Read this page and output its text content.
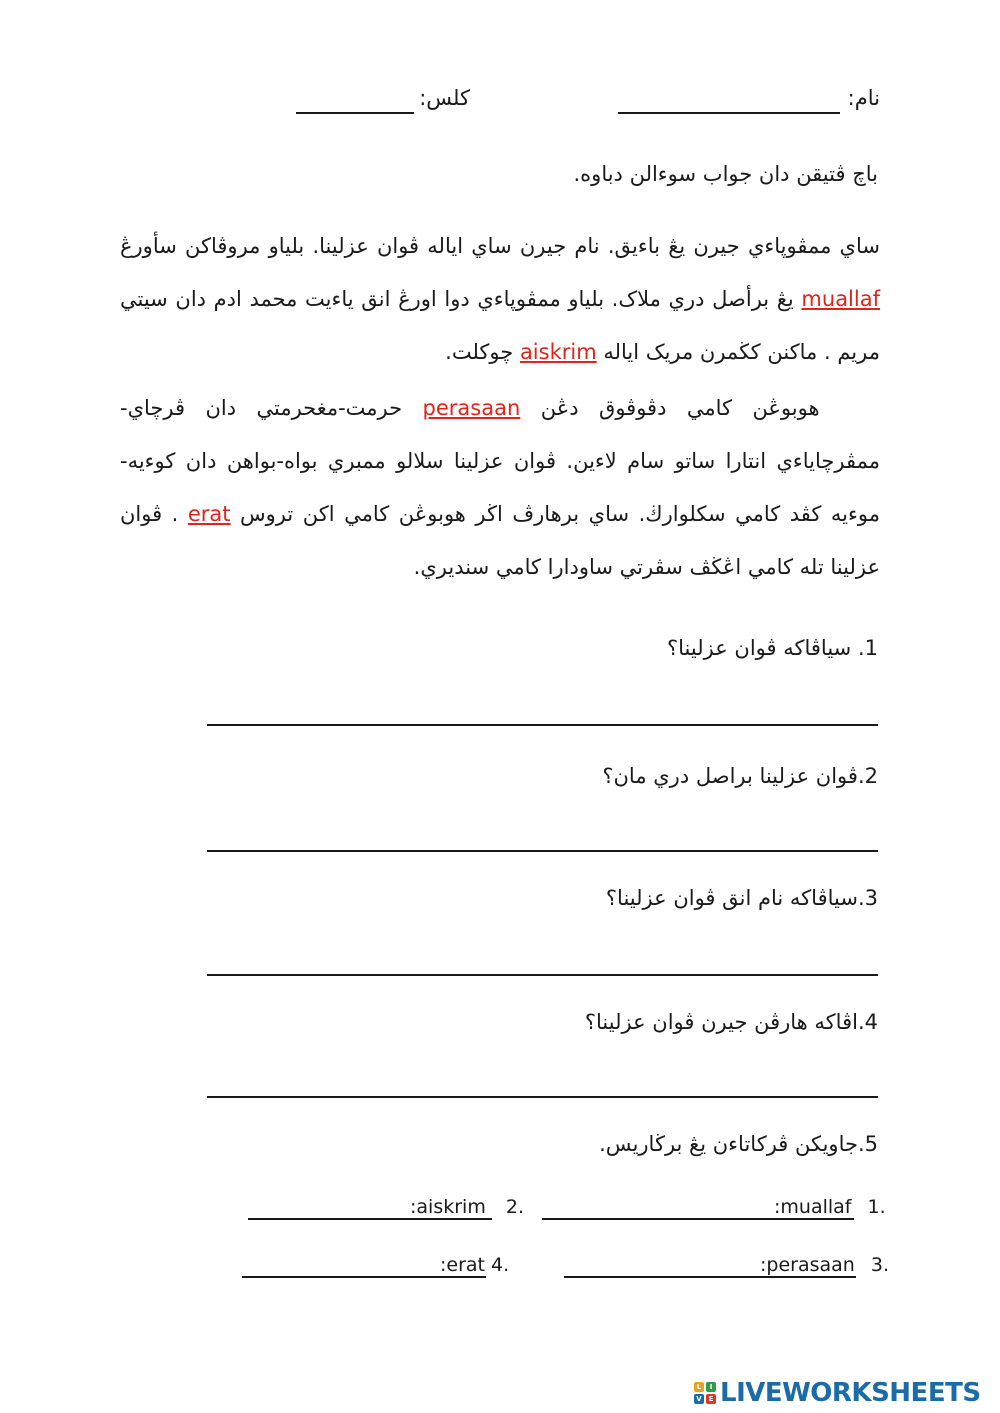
نام:
كلس:
باچ ڤتيقن دان جواب سوءالن دباوه.
ساي ممڤوڽاءي جيرن يڠ باءيق. نام جيرن ساي اياله ڤوان عزلينا. بلياو مروڤاكن سأورڠ muallaf يڠ برأصل دري ملاک. بلياو ممڤوڽاءي دوا اورڠ انق ياءيت محمد ادم دان سيتي مريم . ماكنن كڬمرن مريک ايالە aiskrim چوكلت.
هوبوڠن كامي دڤوڤوق دڠن perasaan حرمت-مغحرمتي دان ڤرچاي- ممڤرچاياءي انتارا ساتو سام لاءين. ڤوان عزلينا سلالو ممبري بواه-بواهن دان كوءيه-موءيه كڤد كامي سكلوارڬ. ساي برهارڤ اڬر هوبوڠن كامي اكن تروس erat . ڤوان عزلينا تله كامي اڠڬڤ سڤرتي ساودارا كامي سنديري.
1. سياڤاكه ڤوان عزلينا؟
2.ڤوان عزلينا براصل دري مان؟
3.سياڤاكه نام انق ڤوان عزلينا؟
4.اڤاكه هارڤن جيرن ڤوان عزلينا؟
5.جاويكن ڤركاتاءن يڠ برڬاريس.
:muallaf 1.
:aiskrim 2.
:perasaan 3.
:erat 4.
L	I
V E LIVEWORKSHEETS
